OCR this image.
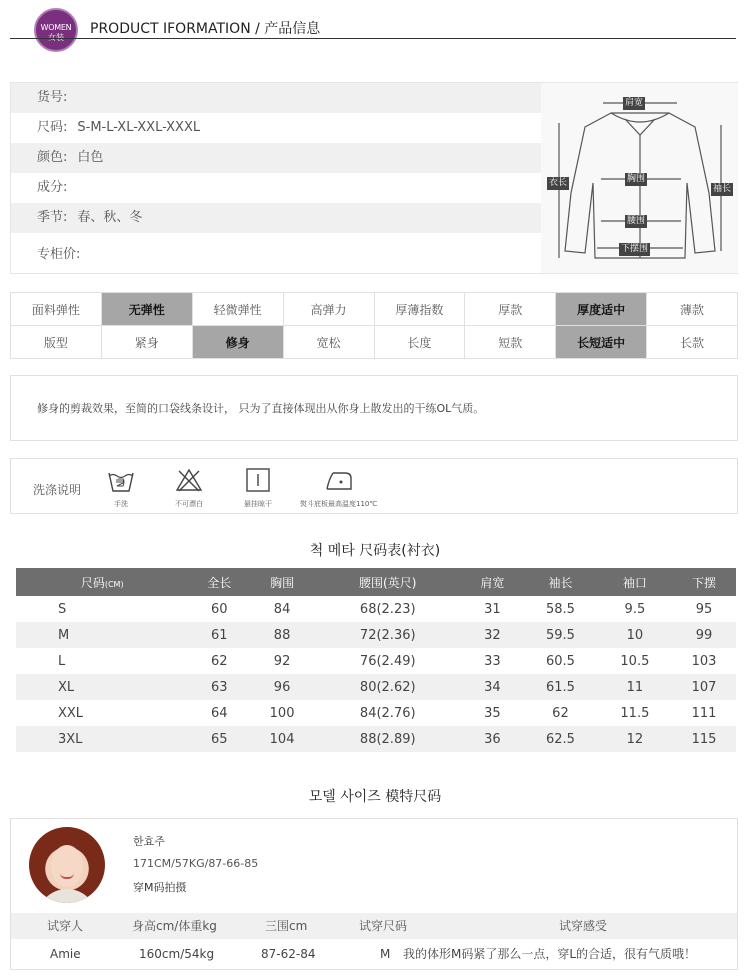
WOMEN	PRODUCT IFORMATION / 产品信息
货号:
尺码: S-M-L-XL-XXL-XXXL
颜色: 白色
成分:
季节: 春、秋、冬
专柜价:
肩宽
衣长	胸围
袖长
腰围
下摆围
面料弹性	无弹性	轻微弹性	高弹力	厚薄指数	厚款	厚度适中	薄款
版型	紧身	修身	宽松	长度	短款	长短适中	长款
修身的剪裁效果，至简的口袋线条设计， 只为了直接体现出从你身上散发出的干练OL气质。
洗涤说明
手洗	不可漂白	悬挂晾干	熨斗底板最高温度110℃
척 메타 尺码表(衬衣)
尺码(CM)	全长	胸围	腰围(英尺)	肩宽	袖长	袖口	下摆
S	60	84	68(2.23)	31	58.5	9.5	95
M	61	88	72(2.36)	32	59.5	10	99
L	62	92	76(2.49)	33	60.5	10.5	103
XL	63	96	80(2.62)	34	61.5	11	107
XXL	64	100	84(2.76)	35	62	11.5	111
3XL	65	104	88(2.89)	36	62.5	12	115
모델 사이즈 模特尺码
한효주
171CM/57KG/87-66-85
穿M码拍摄
试穿人	身高cm/体重kg	三围cm	试穿尺码	试穿感受
Amie	160cm/54kg	87-62-84	M 我的体形M码紧了那么一点，穿L的合适，很有气质哦！
